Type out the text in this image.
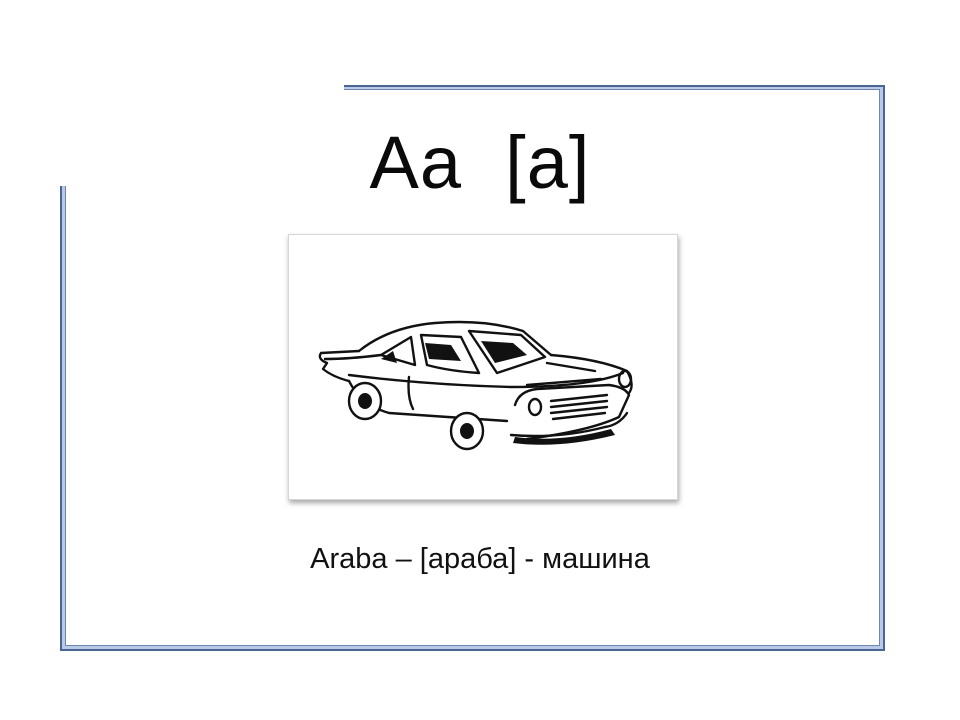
Aa  [a]
Araba – [араба] - машина
